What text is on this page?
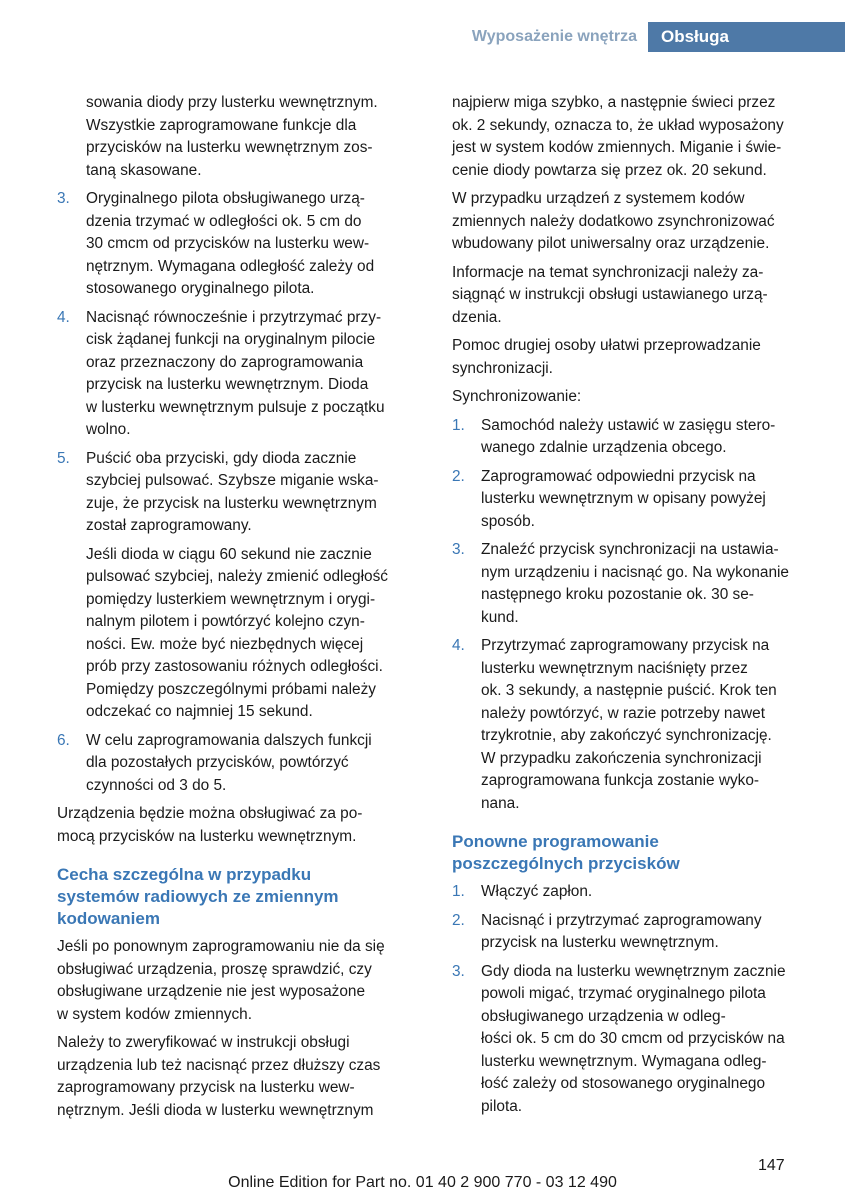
Wyposażenie wnętrza	Obsługa
sowania diody przy lusterku wewnętrznym.
Wszystkie zaprogramowane funkcje dla
przycisków na lusterku wewnętrznym zos-
taną skasowane.
3. Oryginalnego pilota obsługiwanego urzą-
dzenia trzymać w odległości ok. 5 cm do
30 cmcm od przycisków na lusterku wew-
nętrznym. Wymagana odległość zależy od
stosowanego oryginalnego pilota.
4. Nacisnąć równocześnie i przytrzymać przy-
cisk żądanej funkcji na oryginalnym pilocie
oraz przeznaczony do zaprogramowania
przycisk na lusterku wewnętrznym. Dioda
w lusterku wewnętrznym pulsuje z początku
wolno.
5. Puścić oba przyciski, gdy dioda zacznie
szybciej pulsować. Szybsze miganie wska-
zuje, że przycisk na lusterku wewnętrznym
został zaprogramowany.
Jeśli dioda w ciągu 60 sekund nie zacznie
pulsować szybciej, należy zmienić odległość
pomiędzy lusterkiem wewnętrznym i orygi-
nalnym pilotem i powtórzyć kolejno czyn-
ności. Ew. może być niezbędnych więcej
prób przy zastosowaniu różnych odległości.
Pomiędzy poszczególnymi próbami należy
odczekać co najmniej 15 sekund.
6. W celu zaprogramowania dalszych funkcji
dla pozostałych przycisków, powtórzyć
czynności od 3 do 5.
Urządzenia będzie można obsługiwać za po-
mocą przycisków na lusterku wewnętrznym.
Cecha szczególna w przypadku
systemów radiowych ze zmiennym
kodowaniem
Jeśli po ponownym zaprogramowaniu nie da się
obsługiwać urządzenia, proszę sprawdzić, czy
obsługiwane urządzenie nie jest wyposażone
w system kodów zmiennych.
Należy to zweryfikować w instrukcji obsługi
urządzenia lub też nacisnąć przez dłuższy czas
zaprogramowany przycisk na lusterku wew-
nętrznym. Jeśli dioda w lusterku wewnętrznym
najpierw miga szybko, a następnie świeci przez
ok. 2 sekundy, oznacza to, że układ wyposażony
jest w system kodów zmiennych. Miganie i świe-
cenie diody powtarza się przez ok. 20 sekund.
W przypadku urządzeń z systemem kodów
zmiennych należy dodatkowo zsynchronizować
wbudowany pilot uniwersalny oraz urządzenie.
Informacje na temat synchronizacji należy za-
siągnąć w instrukcji obsługi ustawianego urzą-
dzenia.
Pomoc drugiej osoby ułatwi przeprowadzanie
synchronizacji.
Synchronizowanie:
1. Samochód należy ustawić w zasięgu stero-
wanego zdalnie urządzenia obcego.
2. Zaprogramować odpowiedni przycisk na
lusterku wewnętrznym w opisany powyżej
sposób.
3. Znaleźć przycisk synchronizacji na ustawia-
nym urządzeniu i nacisnąć go. Na wykonanie
następnego kroku pozostanie ok. 30 se-
kund.
4. Przytrzymać zaprogramowany przycisk na
lusterku wewnętrznym naciśnięty przez
ok. 3 sekundy, a następnie puścić. Krok ten
należy powtórzyć, w razie potrzeby nawet
trzykrotnie, aby zakończyć synchronizację.
W przypadku zakończenia synchronizacji
zaprogramowana funkcja zostanie wyko-
nana.
Ponowne programowanie
poszczególnych przycisków
1. Włączyć zapłon.
2. Nacisnąć i przytrzymać zaprogramowany
przycisk na lusterku wewnętrznym.
3. Gdy dioda na lusterku wewnętrznym zacznie
powoli migać, trzymać oryginalnego pilota
obsługiwanego urządzenia w odleg-
łości ok. 5 cm do 30 cmcm od przycisków na
lusterku wewnętrznym. Wymagana odleg-
łość zależy od stosowanego oryginalnego
pilota.
147
Online Edition for Part no. 01 40 2 900 770 - 03 12 490
